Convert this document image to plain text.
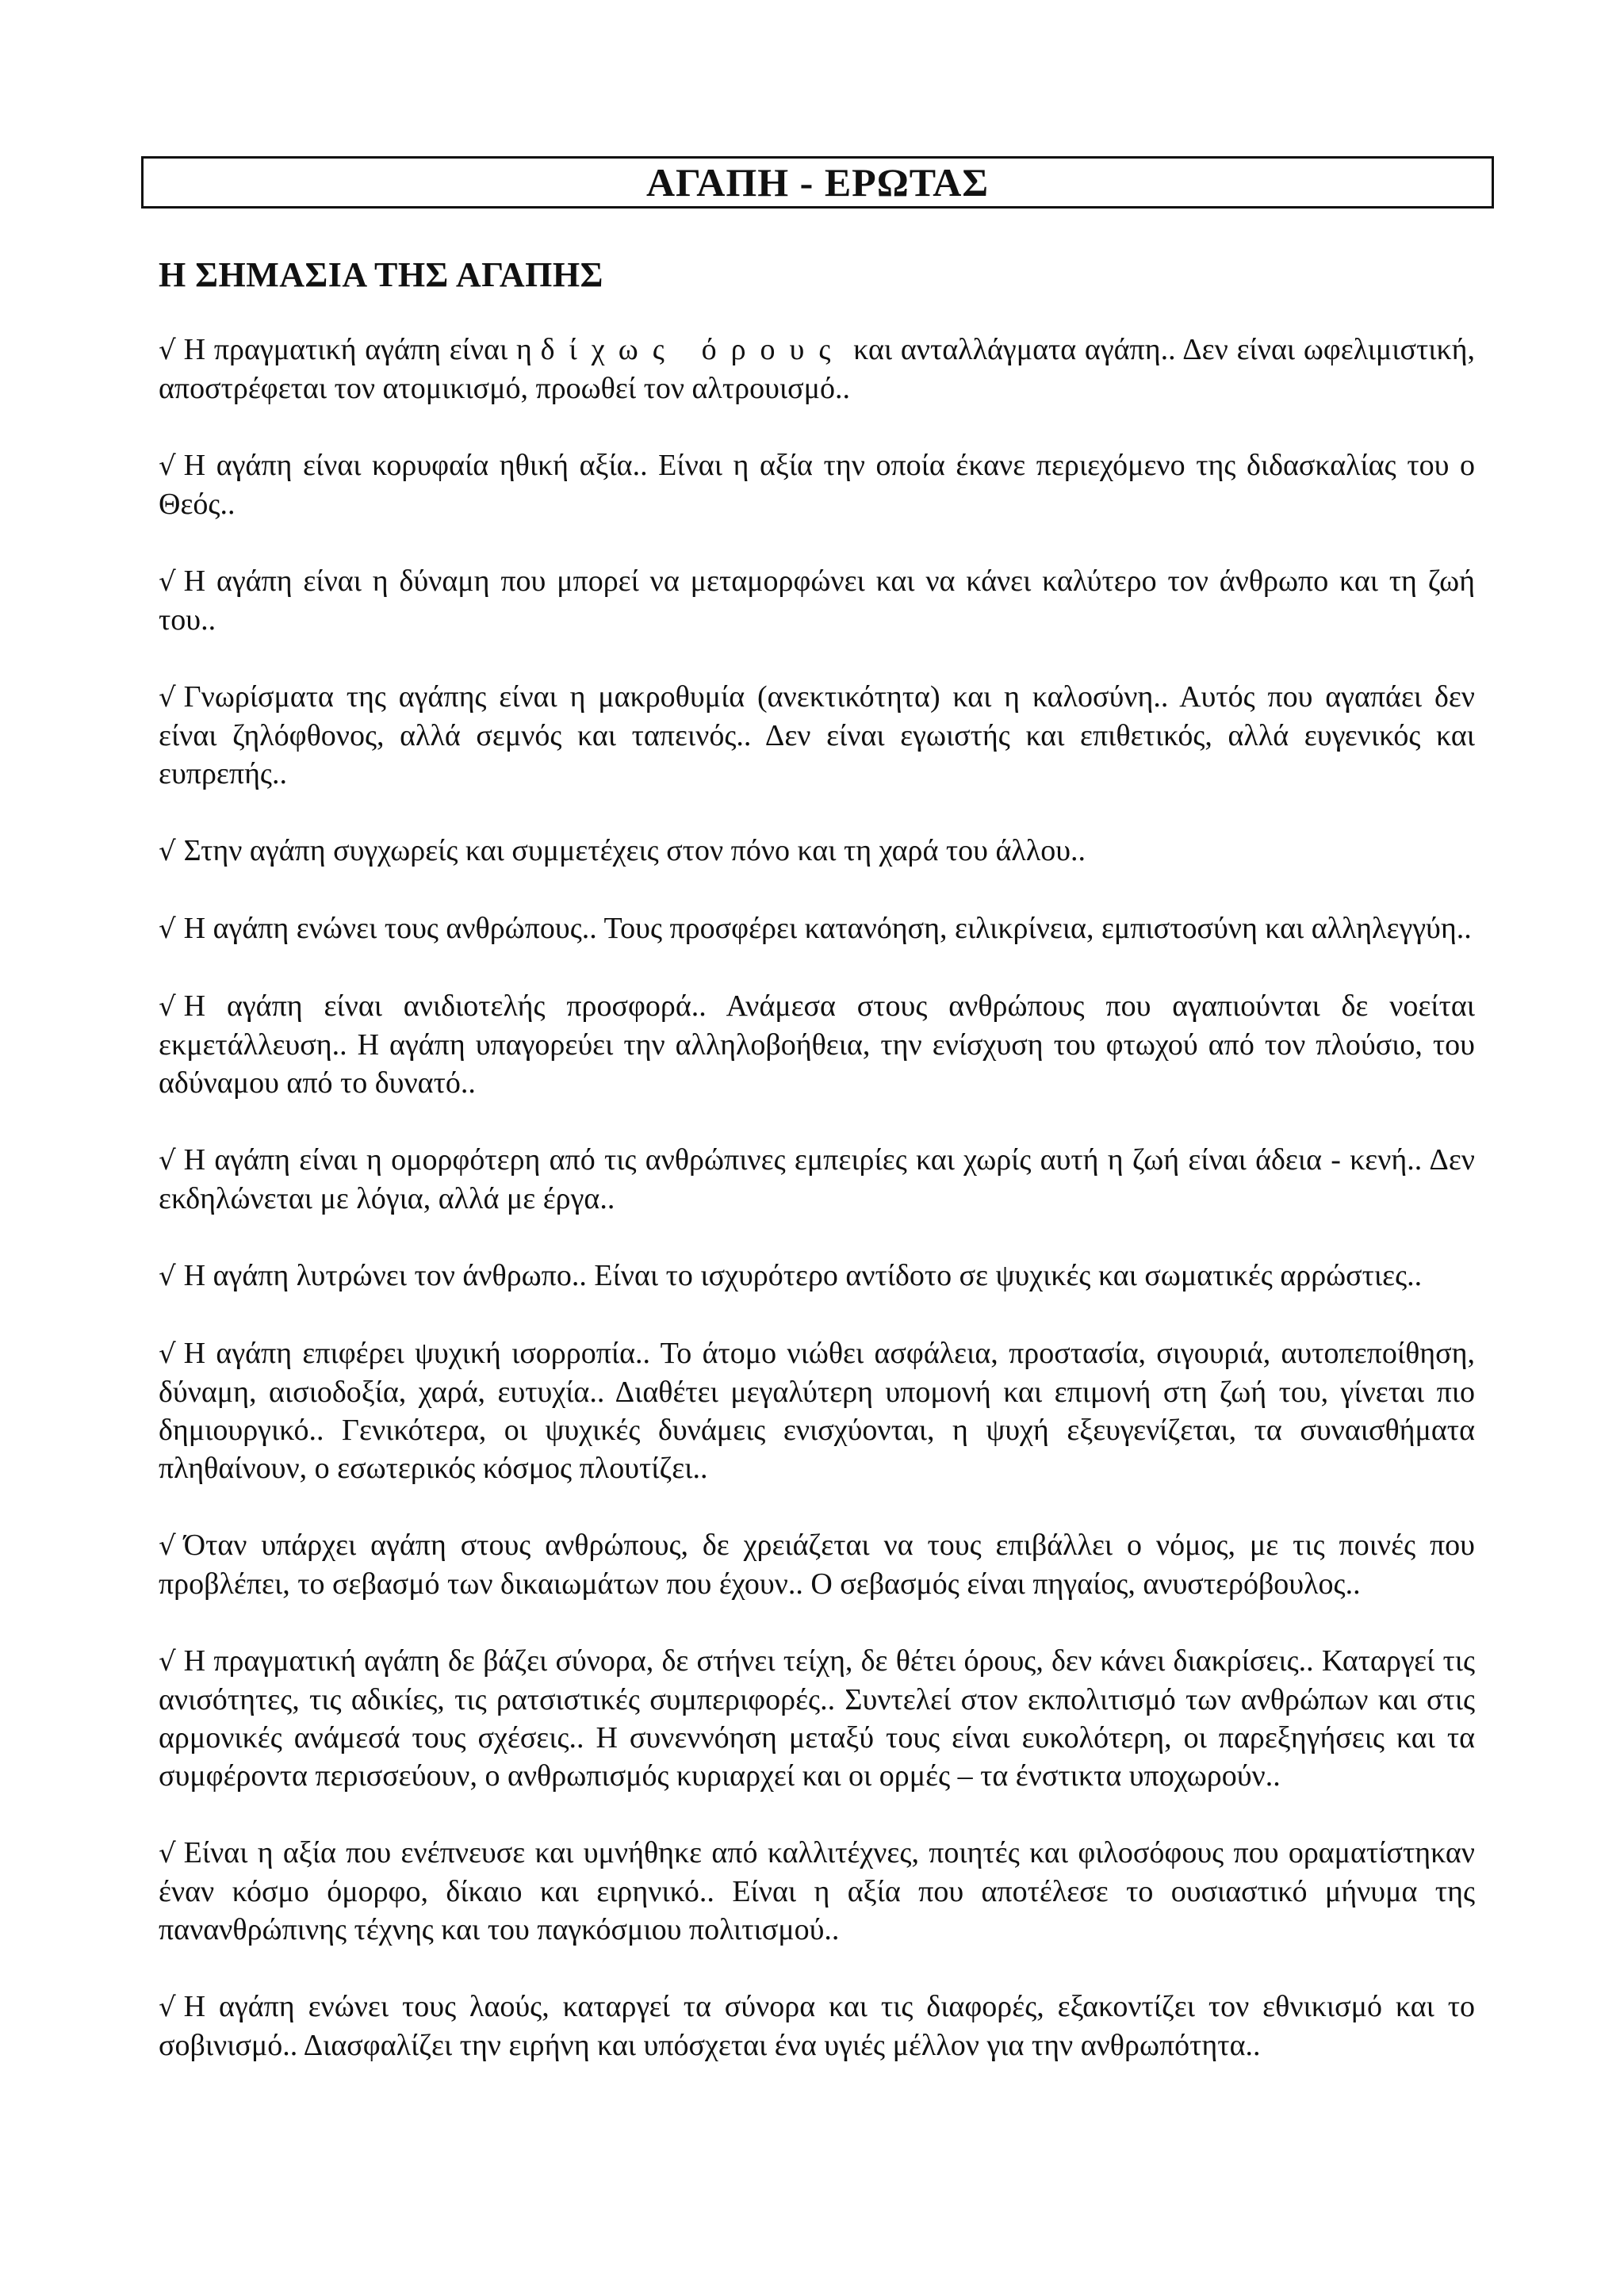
ΑΓΑΠΗ - ΕΡΩΤΑΣ
Η ΣΗΜΑΣΙΑ ΤΗΣ ΑΓΑΠΗΣ

√ Η πραγματική αγάπη είναι η δίχως όρους και ανταλλάγματα αγάπη.. Δεν είναι ωφελιμιστική, αποστρέφεται τον ατομικισμό, προωθεί τον αλτρουισμό..

√ Η αγάπη είναι κορυφαία ηθική αξία.. Είναι η αξία την οποία έκανε περιεχόμενο της διδασκαλίας του ο Θεός..

√ Η αγάπη είναι η δύναμη που μπορεί να μεταμορφώνει και να κάνει καλύτερο τον άνθρωπο και τη ζωή του..

√ Γνωρίσματα της αγάπης είναι η μακροθυμία (ανεκτικότητα) και η καλοσύνη.. Αυτός που αγαπάει δεν είναι ζηλόφθονος, αλλά σεμνός και ταπεινός.. Δεν είναι εγωιστής και επιθετικός, αλλά ευγενικός και ευπρεπής..

√ Στην αγάπη συγχωρείς και συμμετέχεις στον πόνο και τη χαρά του άλλου..

√ Η αγάπη ενώνει τους ανθρώπους.. Τους προσφέρει κατανόηση, ειλικρίνεια, εμπιστοσύνη και αλληλεγγύη..

√ Η αγάπη είναι ανιδιοτελής προσφορά.. Ανάμεσα στους ανθρώπους που αγαπιούνται δε νοείται εκμετάλλευση.. Η αγάπη υπαγορεύει την αλληλοβοήθεια, την ενίσχυση του φτωχού από τον πλούσιο, του αδύναμου από το δυνατό..

√ Η αγάπη είναι η ομορφότερη από τις ανθρώπινες εμπειρίες και χωρίς αυτή η ζωή είναι άδεια - κενή.. Δεν εκδηλώνεται με λόγια, αλλά με έργα..

√ Η αγάπη λυτρώνει τον άνθρωπο.. Είναι το ισχυρότερο αντίδοτο σε ψυχικές και σωματικές αρρώστιες..

√ Η αγάπη επιφέρει ψυχική ισορροπία.. Το άτομο νιώθει ασφάλεια, προστασία, σιγουριά, αυτοπεποίθηση, δύναμη, αισιοδοξία, χαρά, ευτυχία.. Διαθέτει μεγαλύτερη υπομονή και επιμονή στη ζωή του, γίνεται πιο δημιουργικό.. Γενικότερα, οι ψυχικές δυνάμεις ενισχύονται, η ψυχή εξευγενίζεται, τα συναισθήματα πληθαίνουν, ο εσωτερικός κόσμος πλουτίζει..

√ Όταν υπάρχει αγάπη στους ανθρώπους, δε χρειάζεται να τους επιβάλλει ο νόμος, με τις ποινές που προβλέπει, το σεβασμό των δικαιωμάτων που έχουν.. Ο σεβασμός είναι πηγαίος, ανυστερόβουλος..

√ Η πραγματική αγάπη δε βάζει σύνορα, δε στήνει τείχη, δε θέτει όρους, δεν κάνει διακρίσεις.. Καταργεί τις ανισότητες, τις αδικίες, τις ρατσιστικές συμπεριφορές.. Συντελεί στον εκπολιτισμό των ανθρώπων και στις αρμονικές ανάμεσά τους σχέσεις.. Η συνεννόηση μεταξύ τους είναι ευκολότερη, οι παρεξηγήσεις και τα συμφέροντα περισσεύουν, ο ανθρωπισμός κυριαρχεί και οι ορμές – τα ένστικτα υποχωρούν..

√ Είναι η αξία που ενέπνευσε και υμνήθηκε από καλλιτέχνες, ποιητές και φιλοσόφους που οραματίστηκαν έναν κόσμο όμορφο, δίκαιο και ειρηνικό.. Είναι η αξία που αποτέλεσε το ουσιαστικό μήνυμα της πανανθρώπινης τέχνης και του παγκόσμιου πολιτισμού..

√ Η αγάπη ενώνει τους λαούς, καταργεί τα σύνορα και τις διαφορές, εξακοντίζει τον εθνικισμό και το σοβινισμό.. Διασφαλίζει την ειρήνη και υπόσχεται ένα υγιές μέλλον για την ανθρωπότητα..
